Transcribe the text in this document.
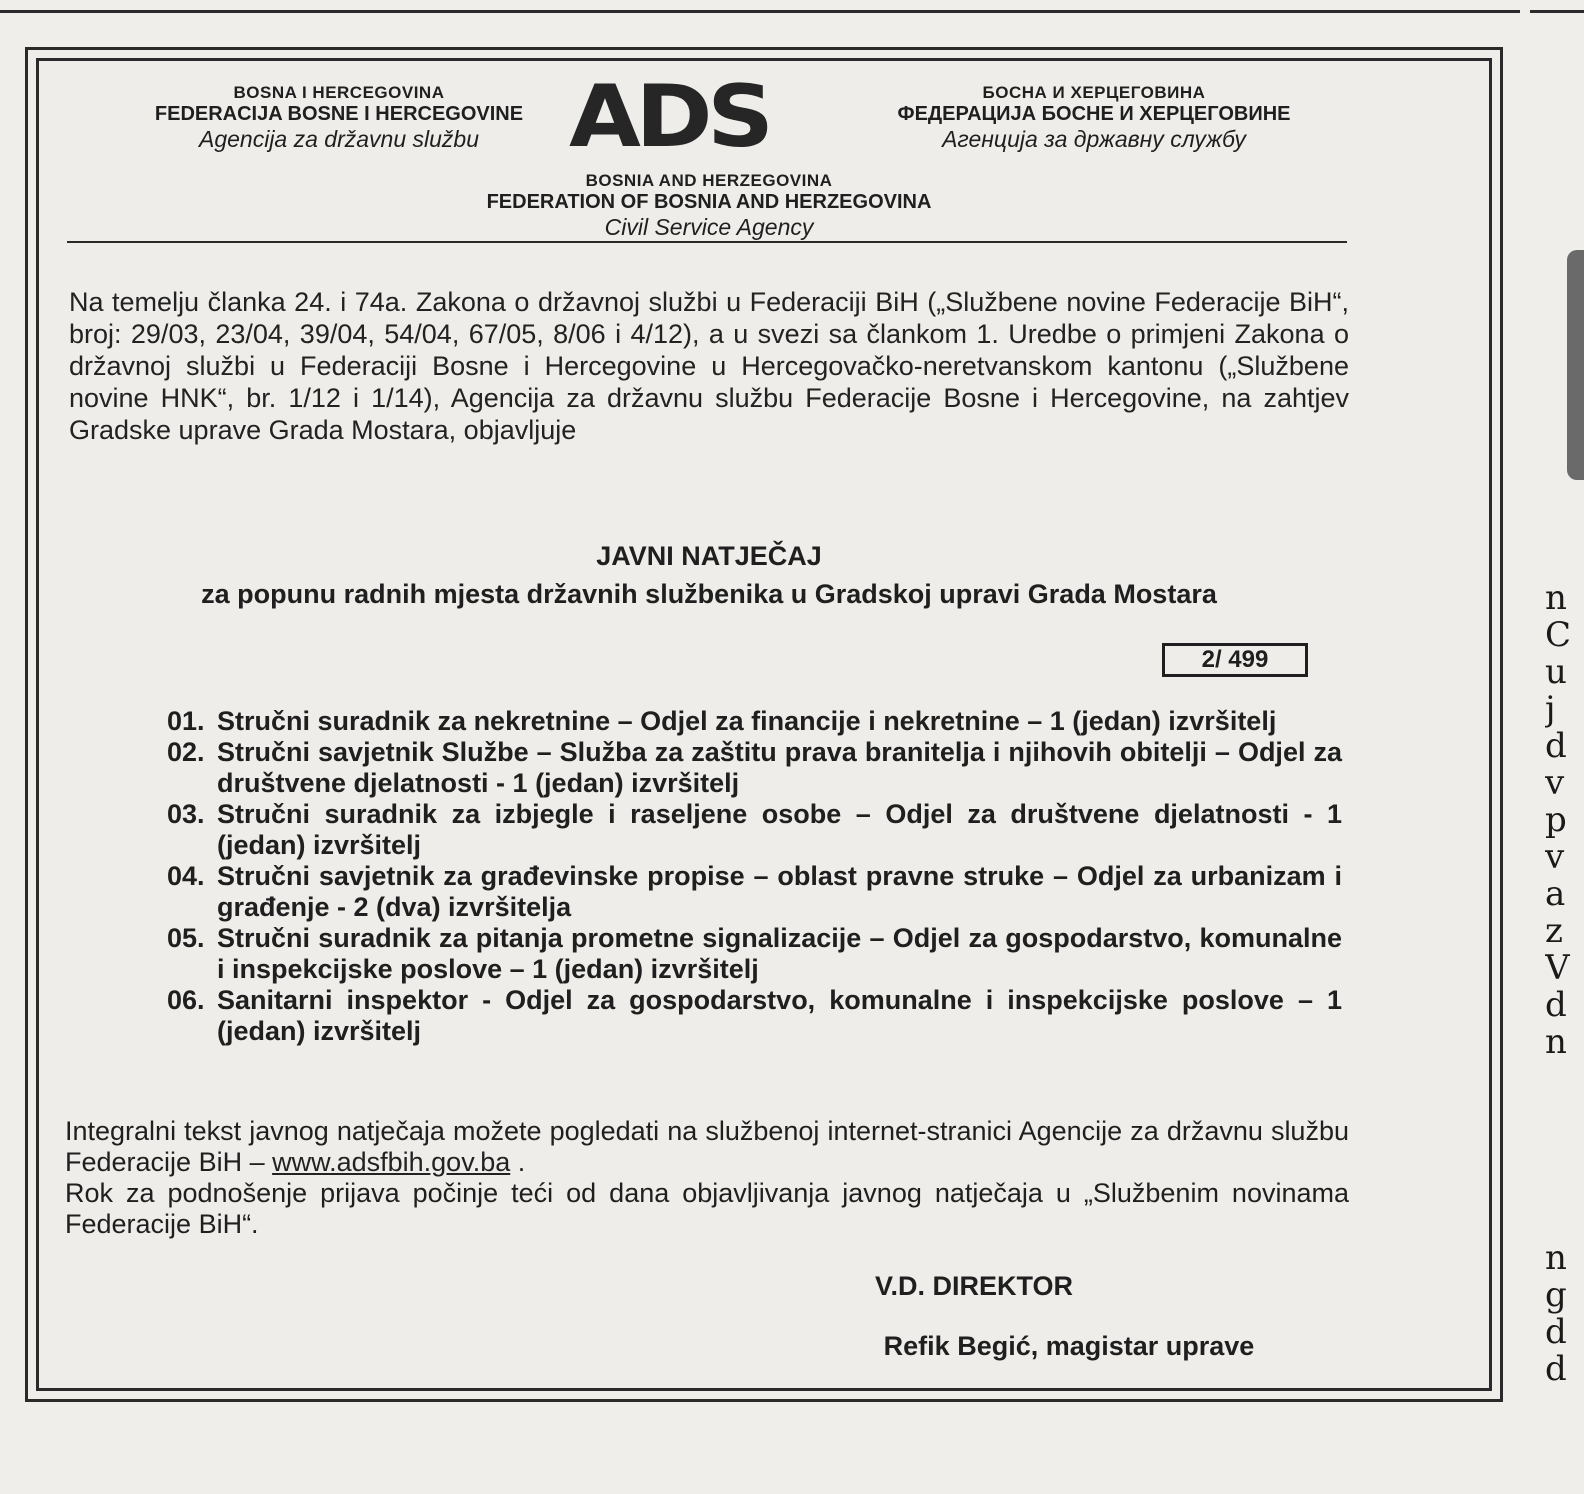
BOSNA I HERCEGOVINA
FEDERACIJA BOSNE I HERCEGOVINE
Agencija za državnu službu	ADS	БОСНА И ХЕРЦЕГОВИНА
ФЕДЕРАЦИЈА БОСНЕ И ХЕРЦЕГОВИНЕ
Агенција за државну службу
BOSNIA AND HERZEGOVINA
FEDERATION OF BOSNIA AND HERZEGOVINA
Civil Service Agency
Na temelju članka 24. i 74a. Zakona o državnoj službi u Federaciji BiH („Službene novine Federacije BiH“, broj: 29/03, 23/04, 39/04, 54/04, 67/05, 8/06 i 4/12), a u svezi sa člankom 1. Uredbe o primjeni Zakona o državnoj službi u Federaciji Bosne i Hercegovine u Hercegovačko-neretvanskom kantonu („Službene novine HNK“, br. 1/12 i 1/14), Agencija za državnu službu Federacije Bosne i Hercegovine, na zahtjev Gradske uprave Grada Mostara, objavljuje
JAVNI NATJEČAJ
za popunu radnih mjesta državnih službenika u Gradskoj upravi Grada Mostara
2/ 499
01. Stručni suradnik za nekretnine – Odjel za financije i nekretnine – 1 (jedan) izvršitelj
02. Stručni savjetnik Službe – Služba za zaštitu prava branitelja i njihovih obitelji – Odjel za društvene djelatnosti - 1 (jedan) izvršitelj
03. Stručni suradnik za izbjegle i raseljene osobe – Odjel za društvene djelatnosti - 1 (jedan) izvršitelj
04. Stručni savjetnik za građevinske propise – oblast pravne struke – Odjel za urbanizam i građenje - 2 (dva) izvršitelja
05. Stručni suradnik za pitanja prometne signalizacije – Odjel za gospodarstvo, komunalne i inspekcijske poslove – 1 (jedan) izvršitelj
06. Sanitarni inspektor - Odjel za gospodarstvo, komunalne i inspekcijske poslove – 1 (jedan) izvršitelj
Integralni tekst javnog natječaja možete pogledati na službenoj internet-stranici Agencije za državnu službu Federacije BiH – www.adsfbih.gov.ba .
Rok za podnošenje prijava počinje teći od dana objavljivanja javnog natječaja u „Službenim novinama Federacije BiH“.
V.D. DIREKTOR
Refik Begić, magistar uprave
n
C
u
j
d
v
p
v
a
z
V
d
n
n
g
d
d
